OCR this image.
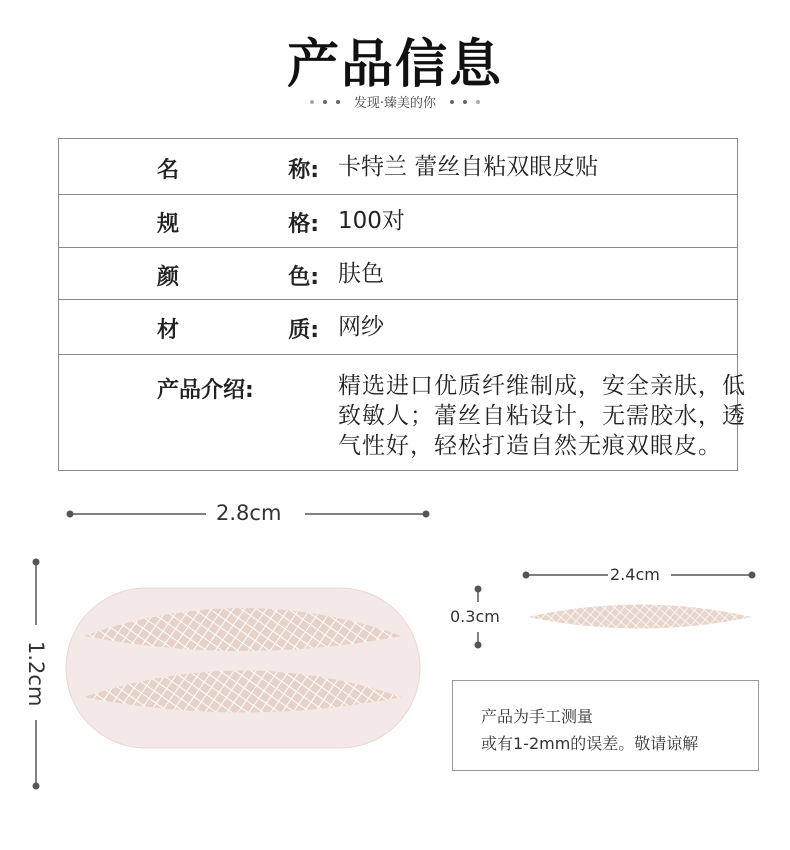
产品信息
发现·臻美的你
名	称: 卡特兰 蕾丝自粘双眼皮贴
规	格: 100对
颜	色: 肤色
材	质: 网纱
产品介绍:	精选进口优质纤维制成，安全亲肤，低
致敏人；蕾丝自粘设计，无需胶水，透
气性好，轻松打造自然无痕双眼皮。
2.8cm
1.2cm
2.4cm
0.3cm
产品为手工测量
或有1-2mm的误差。敬请谅解
